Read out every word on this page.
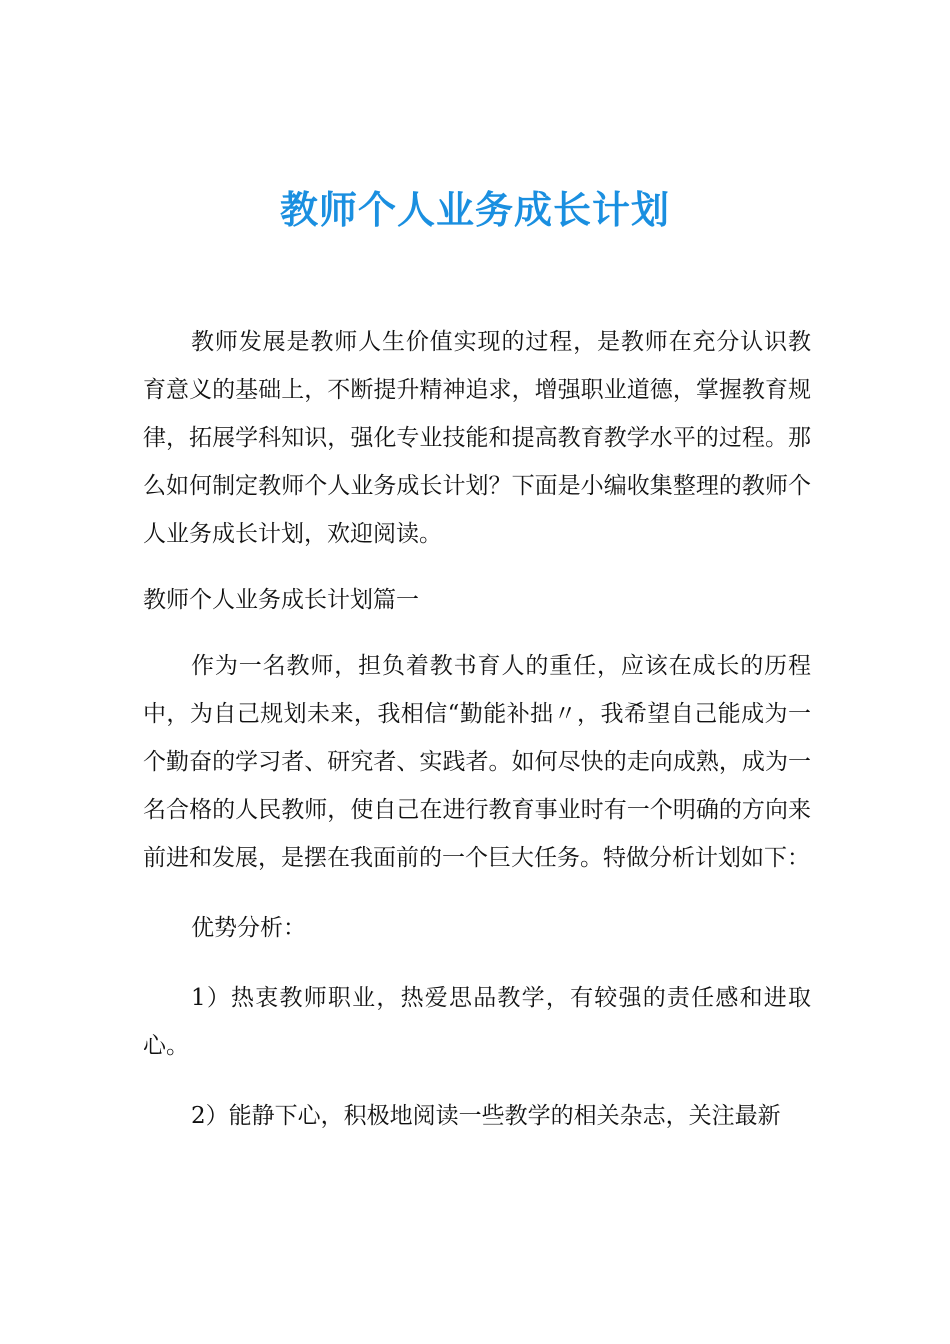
教师个人业务成长计划

教师发展是教师人生价值实现的过程，是教师在充分认识教育意义的基础上，不断提升精神追求，增强职业道德，掌握教育规律，拓展学科知识，强化专业技能和提高教育教学水平的过程。那么如何制定教师个人业务成长计划？下面是小编收集整理的教师个人业务成长计划，欢迎阅读。

教师个人业务成长计划篇一

作为一名教师，担负着教书育人的重任，应该在成长的历程中，为自己规划未来，我相信“勤能补拙〃，我希望自己能成为一个勤奋的学习者、研究者、实践者。如何尽快的走向成熟，成为一名合格的人民教师，使自己在进行教育事业时有一个明确的方向来前进和发展，是摆在我面前的一个巨大任务。特做分析计划如下：

优势分析：

1）热衷教师职业，热爱思品教学，有较强的责任感和进取心。

2）能静下心，积极地阅读一些教学的相关杂志，关注最新
